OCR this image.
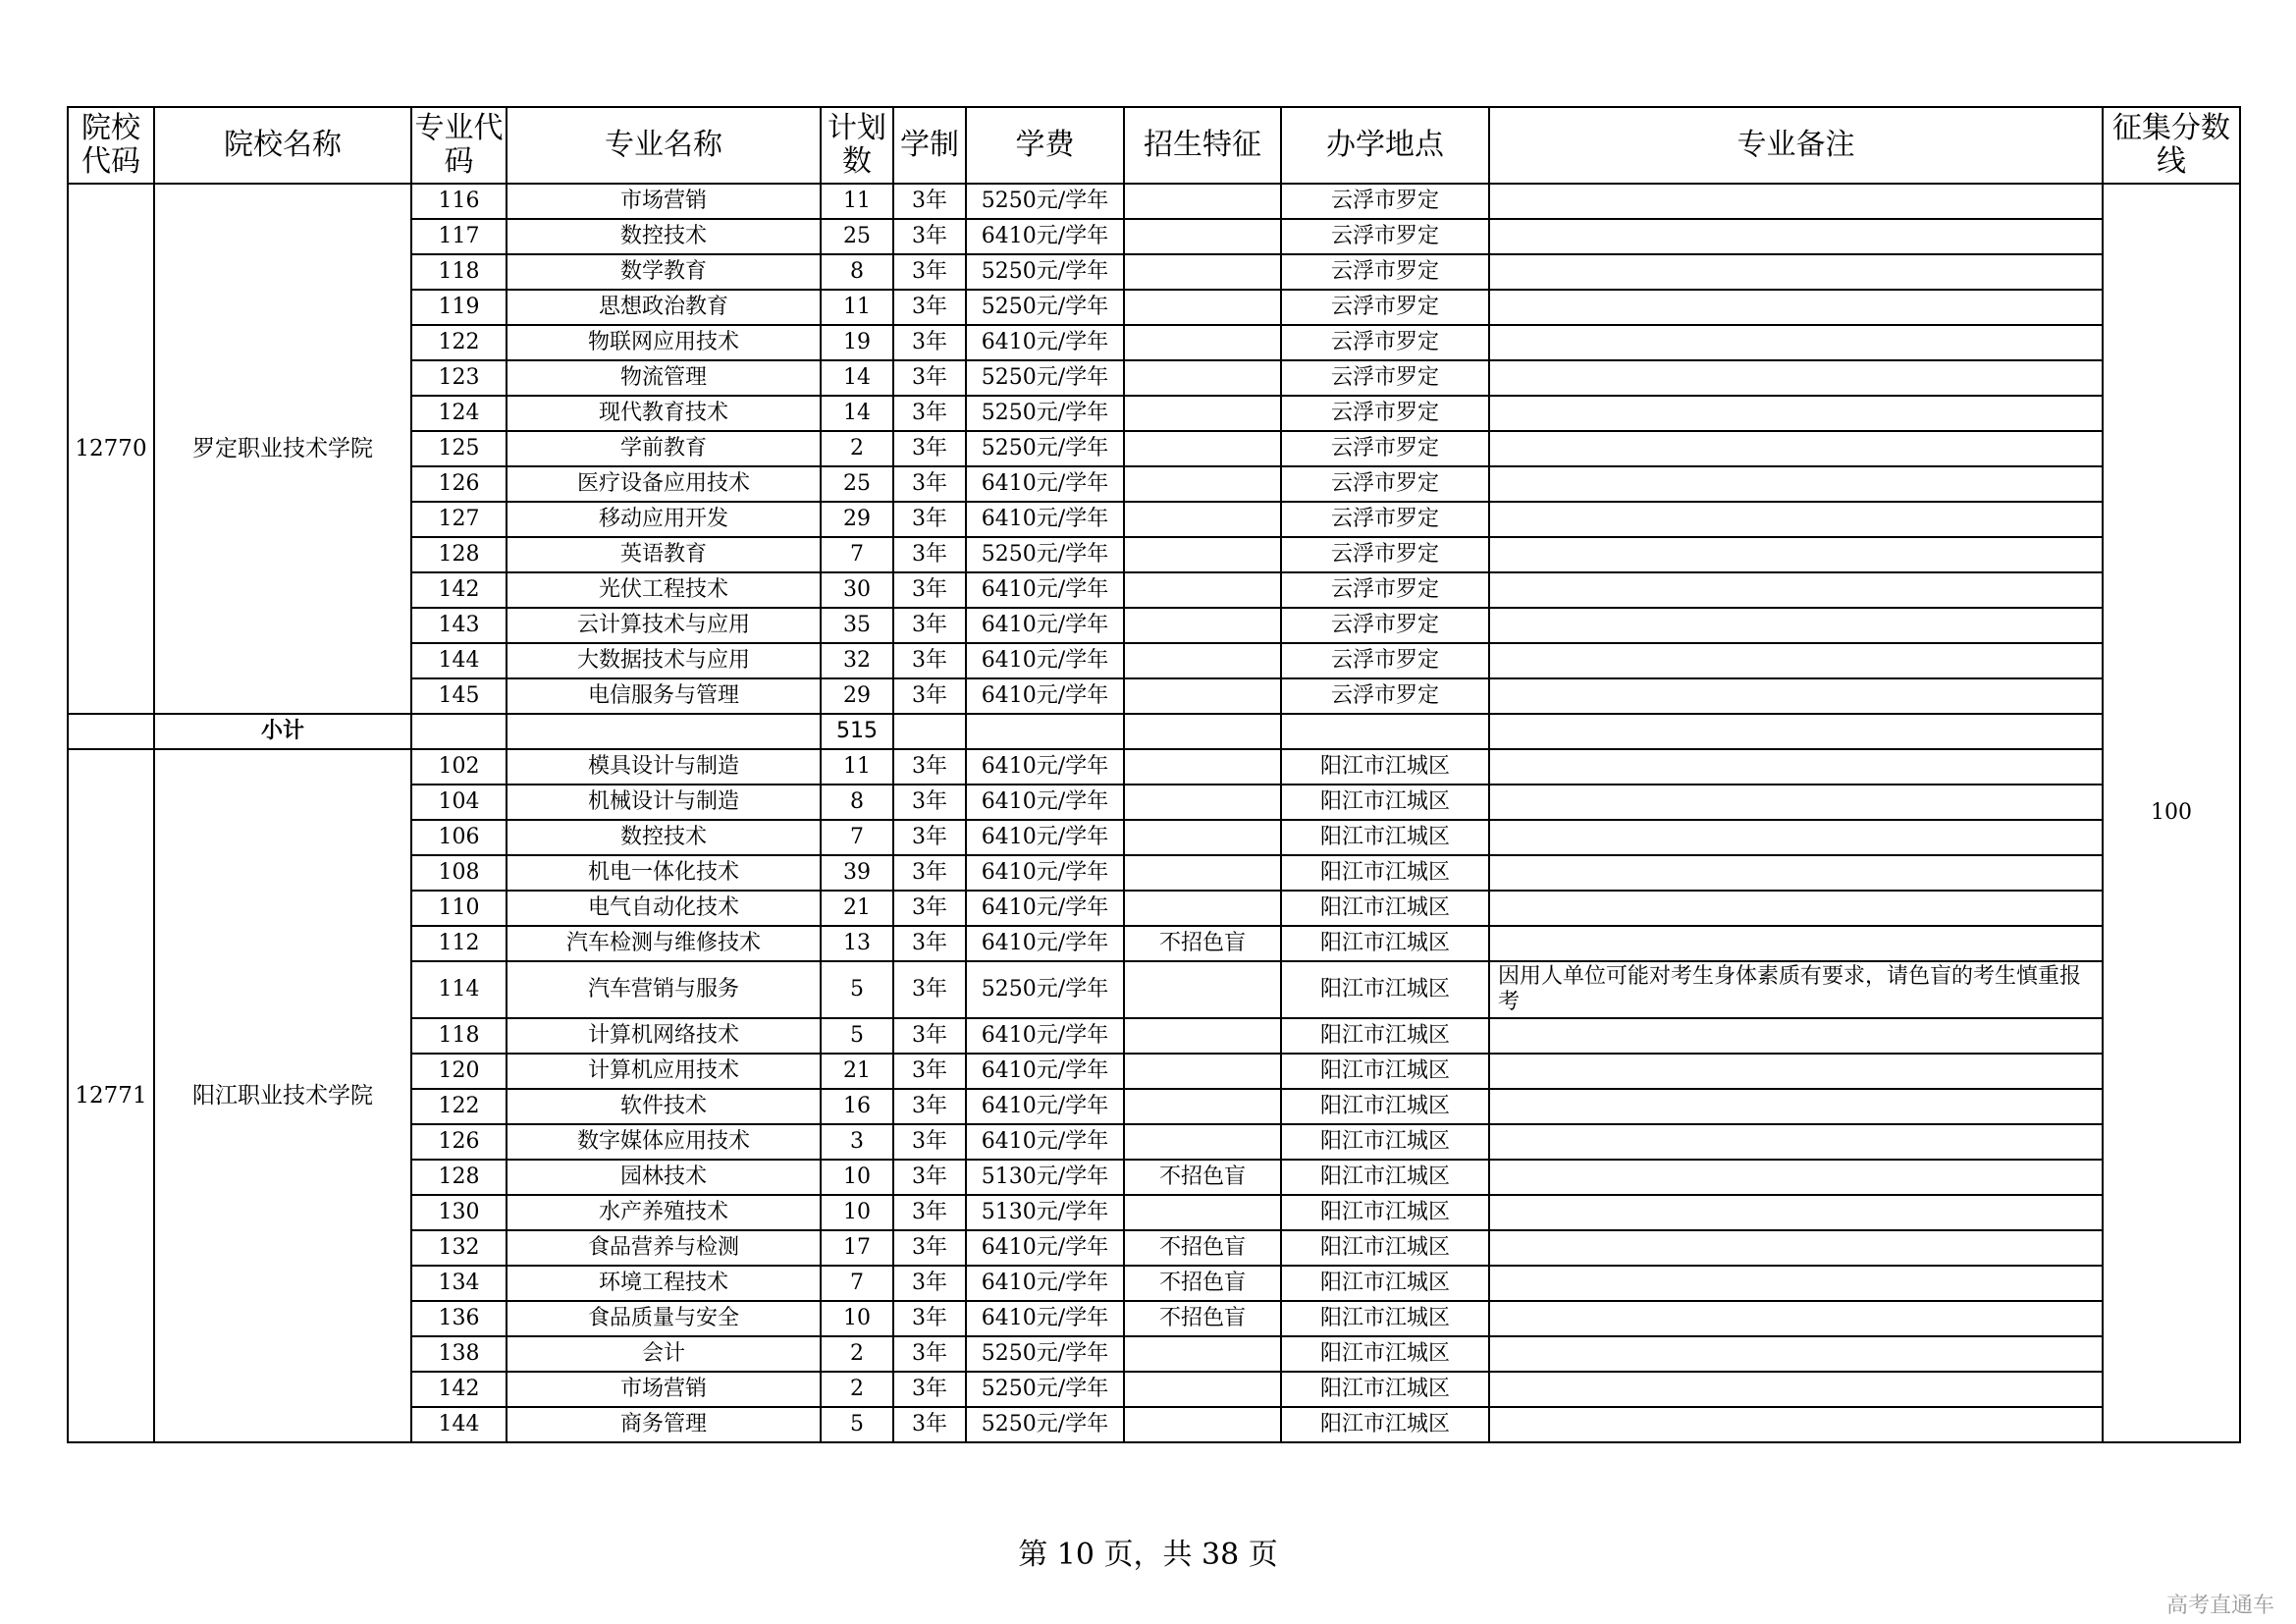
院校代码	院校名称	专业代码	专业名称	计划数	学制	学费	招生特征	办学地点	专业备注	征集分数线
12770	罗定职业技术学院	116	市场营销	11	3年	5250元/学年		云浮市罗定		100
		117	数控技术	25	3年	6410元/学年		云浮市罗定		
		118	数学教育	8	3年	5250元/学年		云浮市罗定		
		119	思想政治教育	11	3年	5250元/学年		云浮市罗定		
		122	物联网应用技术	19	3年	6410元/学年		云浮市罗定		
		123	物流管理	14	3年	5250元/学年		云浮市罗定		
		124	现代教育技术	14	3年	5250元/学年		云浮市罗定		
		125	学前教育	2	3年	5250元/学年		云浮市罗定		
		126	医疗设备应用技术	25	3年	6410元/学年		云浮市罗定		
		127	移动应用开发	29	3年	6410元/学年		云浮市罗定		
		128	英语教育	7	3年	5250元/学年		云浮市罗定		
		142	光伏工程技术	30	3年	6410元/学年		云浮市罗定		
		143	云计算技术与应用	35	3年	6410元/学年		云浮市罗定		
		144	大数据技术与应用	32	3年	6410元/学年		云浮市罗定		
		145	电信服务与管理	29	3年	6410元/学年		云浮市罗定		
	小计			515						
12771	阳江职业技术学院	102	模具设计与制造	11	3年	6410元/学年		阳江市江城区		
		104	机械设计与制造	8	3年	6410元/学年		阳江市江城区		
		106	数控技术	7	3年	6410元/学年		阳江市江城区		
		108	机电一体化技术	39	3年	6410元/学年		阳江市江城区		
		110	电气自动化技术	21	3年	6410元/学年		阳江市江城区		
		112	汽车检测与维修技术	13	3年	6410元/学年	不招色盲	阳江市江城区		
		114	汽车营销与服务	5	3年	5250元/学年		阳江市江城区	因用人单位可能对考生身体素质有要求，请色盲的考生慎重报考	
		118	计算机网络技术	5	3年	6410元/学年		阳江市江城区		
		120	计算机应用技术	21	3年	6410元/学年		阳江市江城区		
		122	软件技术	16	3年	6410元/学年		阳江市江城区		
		126	数字媒体应用技术	3	3年	6410元/学年		阳江市江城区		
		128	园林技术	10	3年	5130元/学年	不招色盲	阳江市江城区		
		130	水产养殖技术	10	3年	5130元/学年		阳江市江城区		
		132	食品营养与检测	17	3年	6410元/学年	不招色盲	阳江市江城区		
		134	环境工程技术	7	3年	6410元/学年	不招色盲	阳江市江城区		
		136	食品质量与安全	10	3年	6410元/学年	不招色盲	阳江市江城区		
		138	会计	2	3年	5250元/学年		阳江市江城区		
		142	市场营销	2	3年	5250元/学年		阳江市江城区		
		144	商务管理	5	3年	5250元/学年		阳江市江城区		
第 10 页，共 38 页
高考直通车
